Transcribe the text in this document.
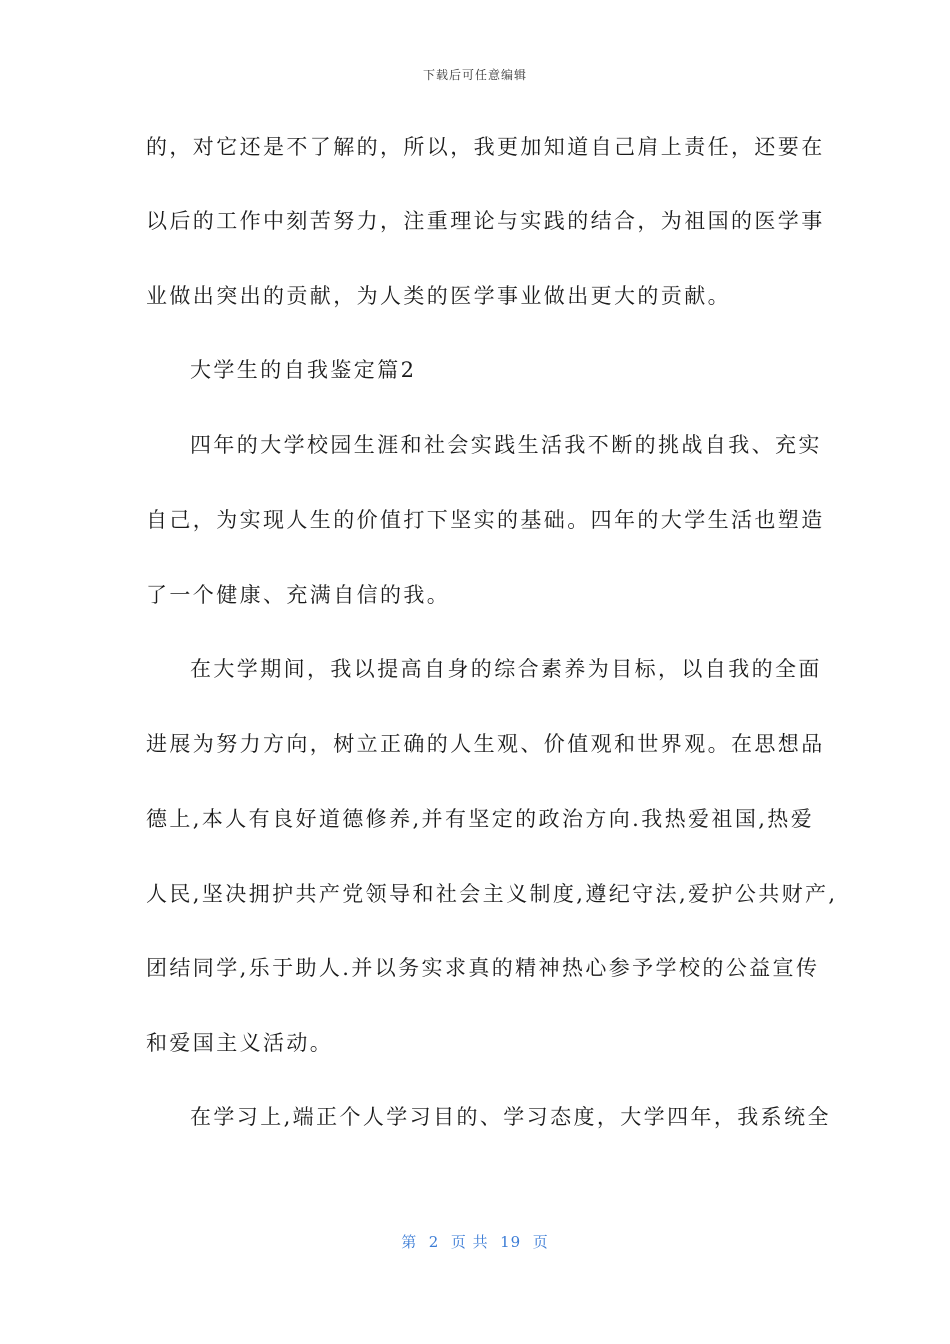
下载后可任意编辑
的，对它还是不了解的，所以，我更加知道自己肩上责任，还要在
以后的工作中刻苦努力，注重理论与实践的结合，为祖国的医学事
业做出突出的贡献，为人类的医学事业做出更大的贡献。
大学生的自我鉴定篇2
四年的大学校园生涯和社会实践生活我不断的挑战自我、充实
自己，为实现人生的价值打下坚实的基础。四年的大学生活也塑造
了一个健康、充满自信的我。
在大学期间，我以提高自身的综合素养为目标，以自我的全面
进展为努力方向，树立正确的人生观、价值观和世界观。在思想品
德上,本人有良好道德修养,并有坚定的政治方向.我热爱祖国,热爱
人民,坚决拥护共产党领导和社会主义制度,遵纪守法,爱护公共财产,
团结同学,乐于助人.并以务实求真的精神热心参予学校的公益宣传
和爱国主义活动。
在学习上,端正个人学习目的、学习态度，大学四年，我系统全
第  2  页 共  19  页
